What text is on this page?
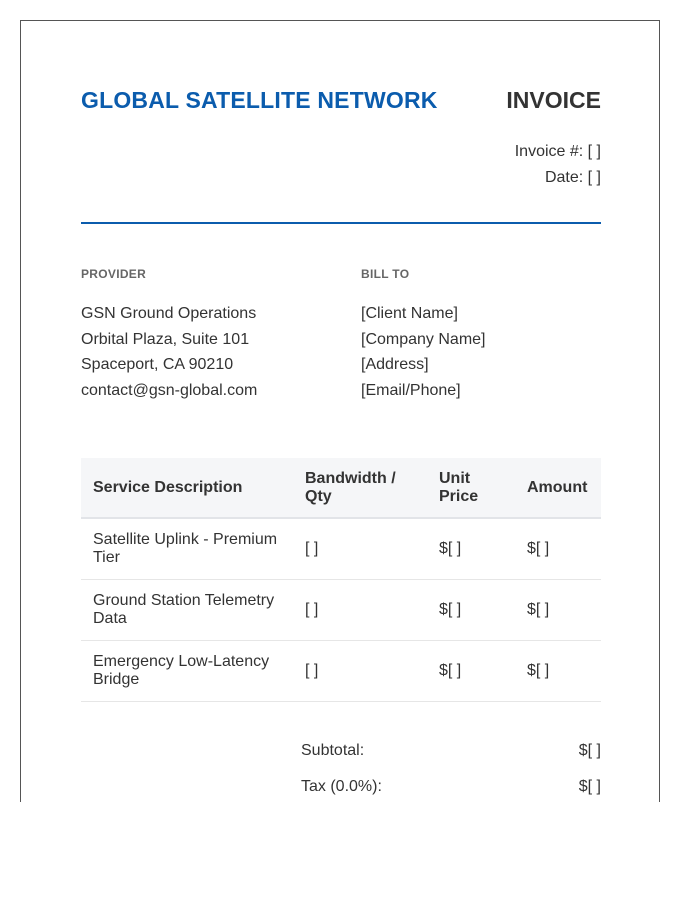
GLOBAL SATELLITE NETWORK	INVOICE
Invoice #: [ ]
Date: [ ]
PROVIDER
GSN Ground Operations
Orbital Plaza, Suite 101
Spaceport, CA 90210
contact@gsn-global.com
BILL TO
[Client Name]
[Company Name]
[Address]
[Email/Phone]
Service Description	Bandwidth / Qty	Unit Price	Amount
Satellite Uplink - Premium Tier	[ ]	$[ ]	$[ ]
Ground Station Telemetry Data	[ ]	$[ ]	$[ ]
Emergency Low-Latency Bridge	[ ]	$[ ]	$[ ]
Subtotal:	$[ ]
Tax (0.0%):	$[ ]
